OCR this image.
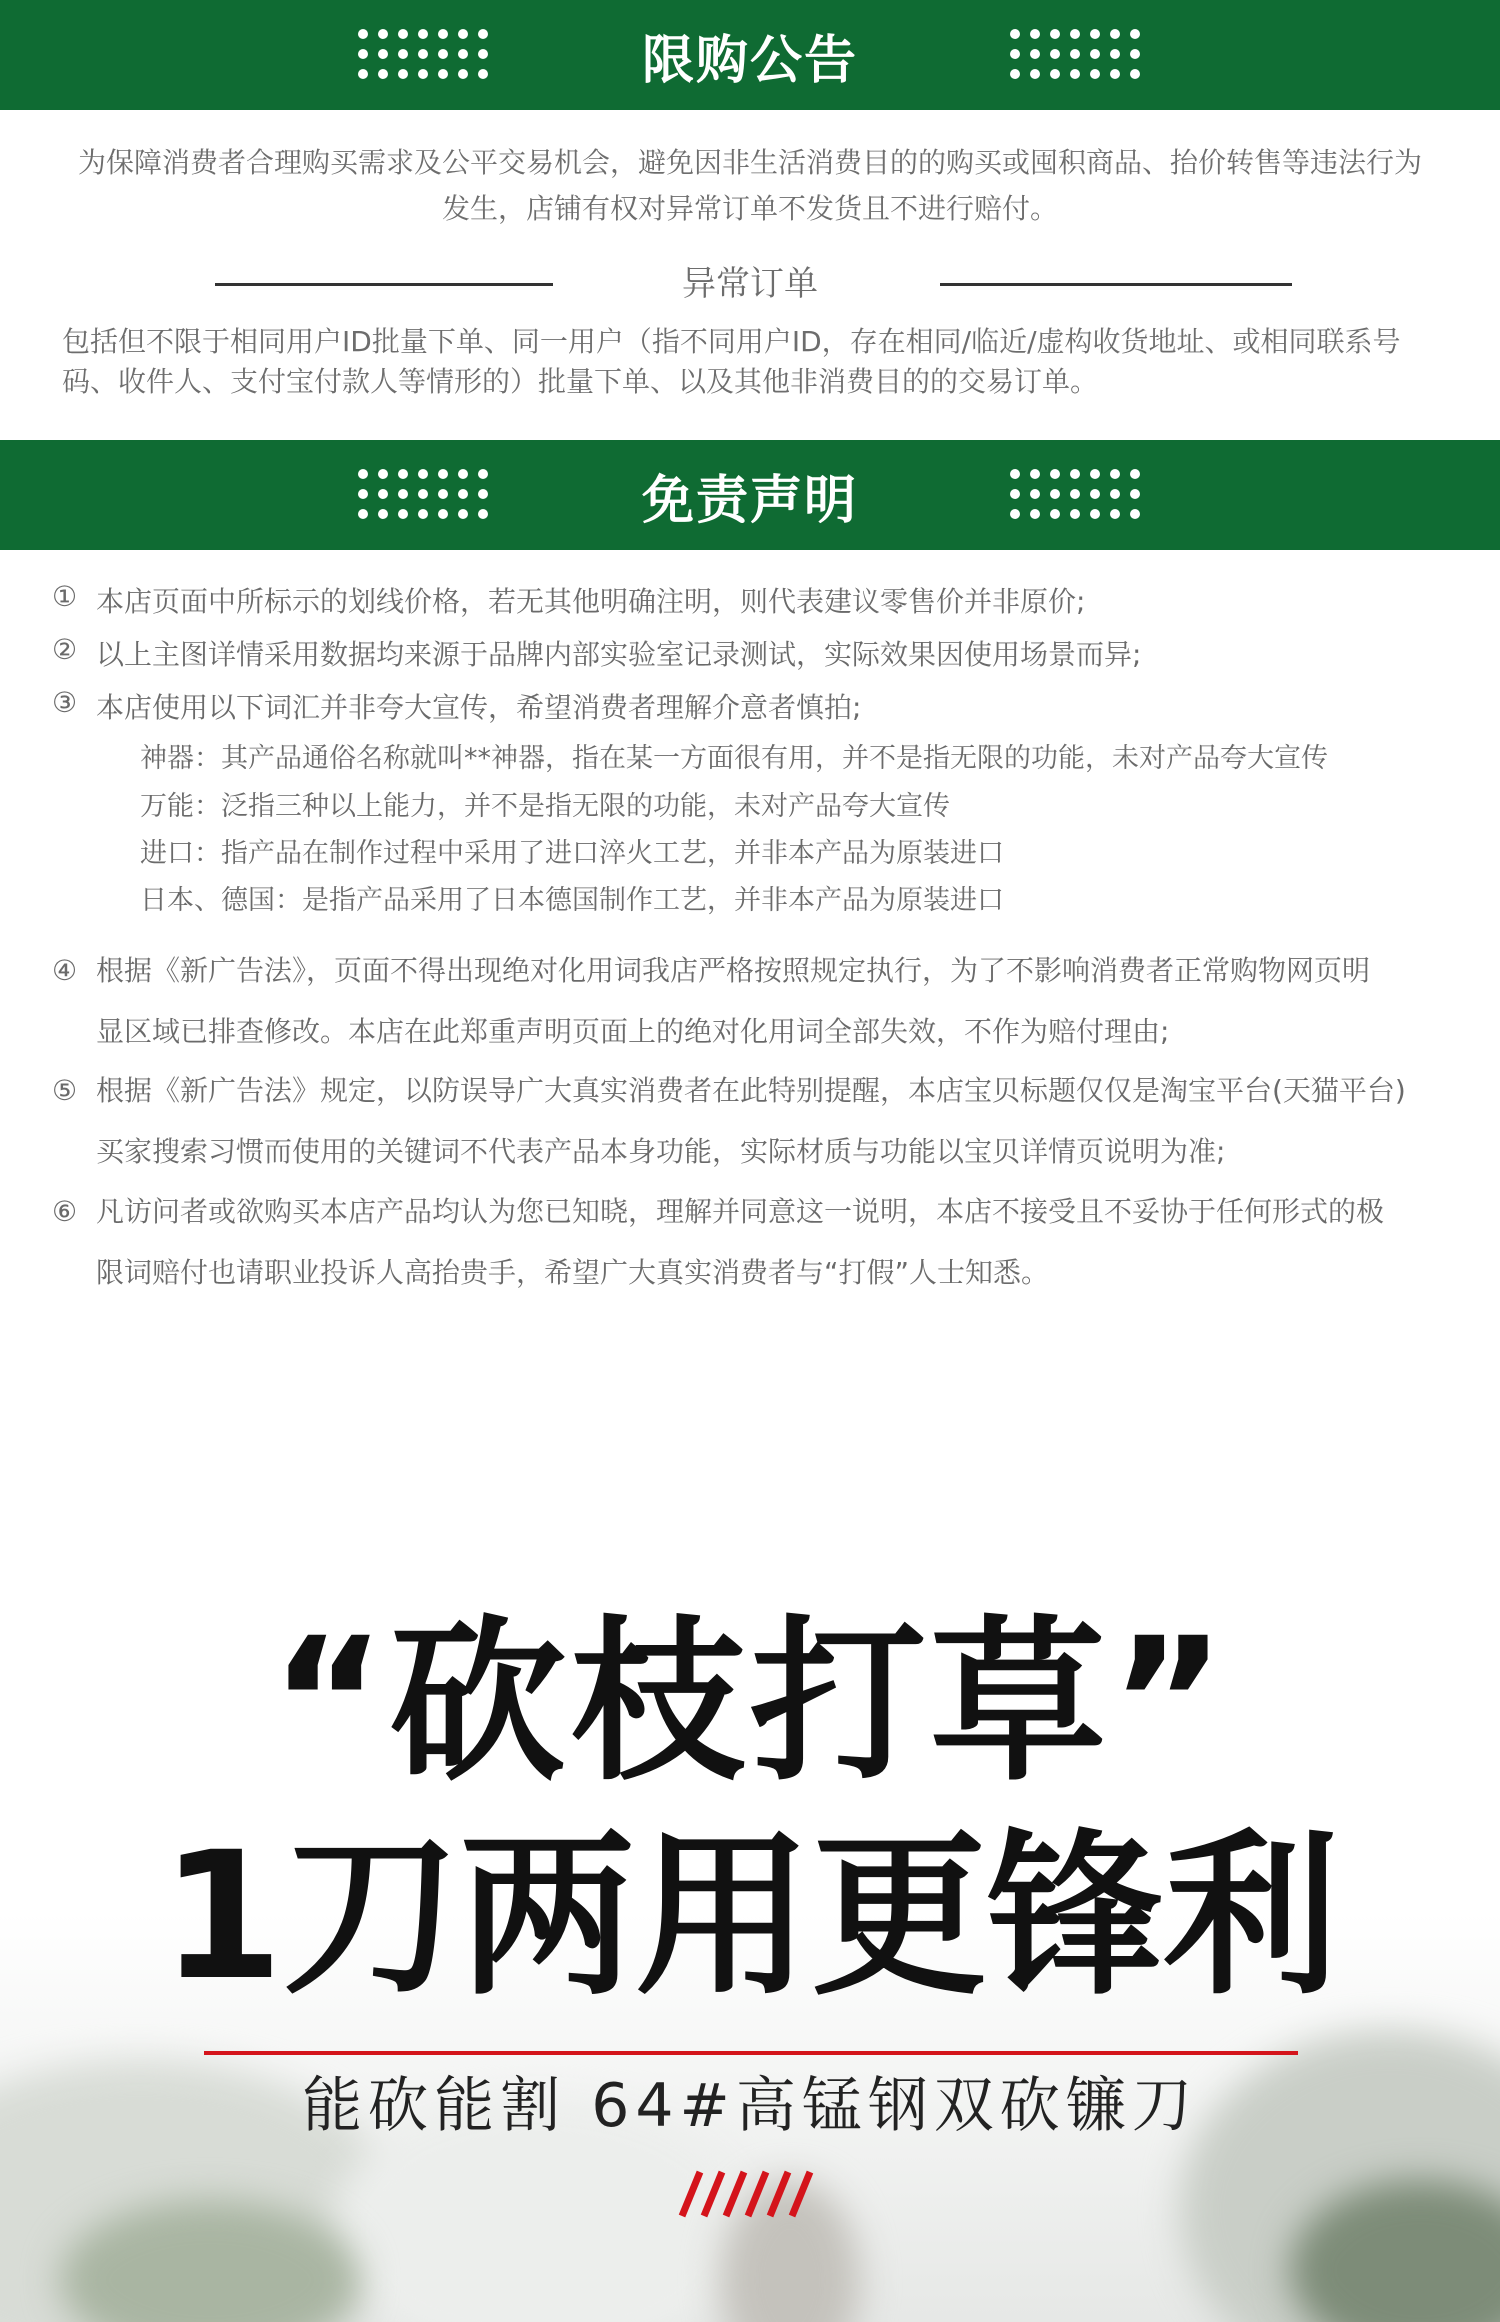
限购公告
为保障消费者合理购买需求及公平交易机会，避免因非生活消费目的的购买或囤积商品、抬价转售等违法行为
发生，店铺有权对异常订单不发货且不进行赔付。
异常订单
包括但不限于相同用户ID批量下单、同一用户（指不同用户ID，存在相同/临近/虚构收货地址、或相同联系号
码、收件人、支付宝付款人等情形的）批量下单、以及其他非消费目的的交易订单。
免责声明
① 本店页面中所标示的划线价格，若无其他明确注明，则代表建议零售价并非原价;
② 以上主图详情采用数据均来源于品牌内部实验室记录测试，实际效果因使用场景而异;
③ 本店使用以下词汇并非夸大宣传，希望消费者理解介意者慎拍;
神器：其产品通俗名称就叫**神器，指在某一方面很有用，并不是指无限的功能，未对产品夸大宣传
万能：泛指三种以上能力，并不是指无限的功能，未对产品夸大宣传
进口：指产品在制作过程中采用了进口淬火工艺，并非本产品为原装进口
日本、德国：是指产品采用了日本德国制作工艺，并非本产品为原装进口
④ 根据《新广告法》，页面不得出现绝对化用词我店严格按照规定执行，为了不影响消费者正常购物网页明
显区域已排查修改。本店在此郑重声明页面上的绝对化用词全部失效，不作为赔付理由;
⑤ 根据《新广告法》规定，以防误导广大真实消费者在此特别提醒，本店宝贝标题仅仅是淘宝平台(天猫平台)
买家搜索习惯而使用的关键词不代表产品本身功能，实际材质与功能以宝贝详情页说明为准;
⑥ 凡访问者或欲购买本店产品均认为您已知晓，理解并同意这一说明，本店不接受且不妥协于任何形式的极
限词赔付也请职业投诉人高抬贵手，希望广大真实消费者与“打假”人士知悉。
“砍枝打草”
1刀两用更锋利
能砍能割 64#高锰钢双砍镰刀
